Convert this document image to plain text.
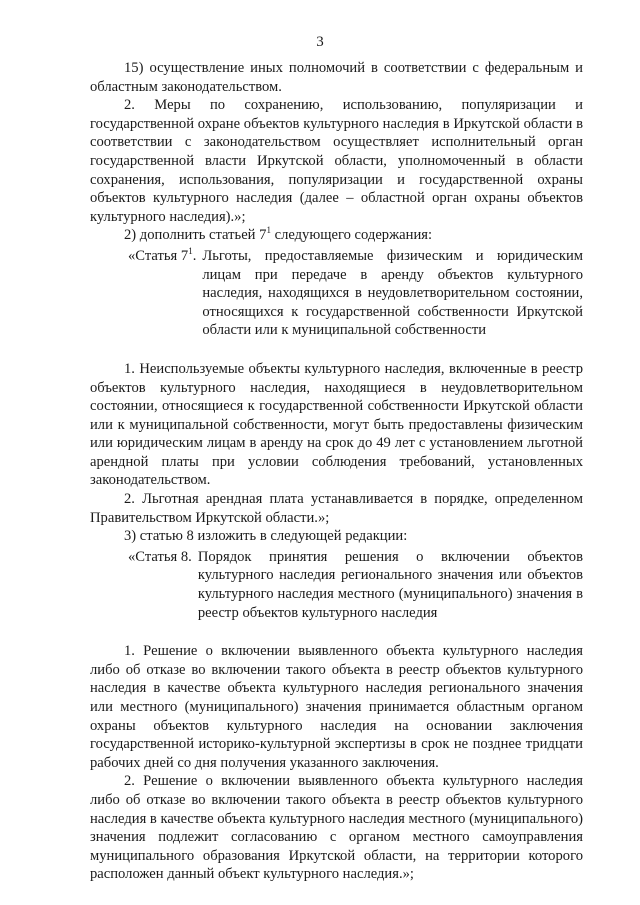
3

15) осуществление иных полномочий в соответствии с федеральным и областным законодательством.

2. Меры по сохранению, использованию, популяризации и государственной охране объектов культурного наследия в Иркутской области в соответствии с законодательством осуществляет исполнительный орган государственной власти Иркутской области, уполномоченный в области сохранения, использования, популяризации и государственной охраны объектов культурного наследия (далее – областной орган охраны объектов культурного наследия).»;

2) дополнить статьей $7^1$ следующего содержания:

«Статья $7^1$. Льготы, предоставляемые физическим и юридическим лицам при передаче в аренду объектов культурного наследия, находящихся в неудовлетворительном состоянии, относящихся к государственной собственности Иркутской области или к муниципальной собственности

1. Неиспользуемые объекты культурного наследия, включенные в реестр объектов культурного наследия, находящиеся в неудовлетворительном состоянии, относящиеся к государственной собственности Иркутской области или к муниципальной собственности, могут быть предоставлены физическим или юридическим лицам в аренду на срок до 49 лет с установлением льготной арендной платы при условии соблюдения требований, установленных законодательством.

2. Льготная арендная плата устанавливается в порядке, определенном Правительством Иркутской области.»;

3) статью 8 изложить в следующей редакции:

«Статья 8. Порядок принятия решения о включении объектов культурного наследия регионального значения или объектов культурного наследия местного (муниципального) значения в реестр объектов культурного наследия

1. Решение о включении выявленного объекта культурного наследия либо об отказе во включении такого объекта в реестр объектов культурного наследия в качестве объекта культурного наследия регионального значения или местного (муниципального) значения принимается областным органом охраны объектов культурного наследия на основании заключения государственной историко-культурной экспертизы в срок не позднее тридцати рабочих дней со дня получения указанного заключения.

2. Решение о включении выявленного объекта культурного наследия либо об отказе во включении такого объекта в реестр объектов культурного наследия в качестве объекта культурного наследия местного (муниципального) значения подлежит согласованию с органом местного самоуправления муниципального образования Иркутской области, на территории которого расположен данный объект культурного наследия.»;
